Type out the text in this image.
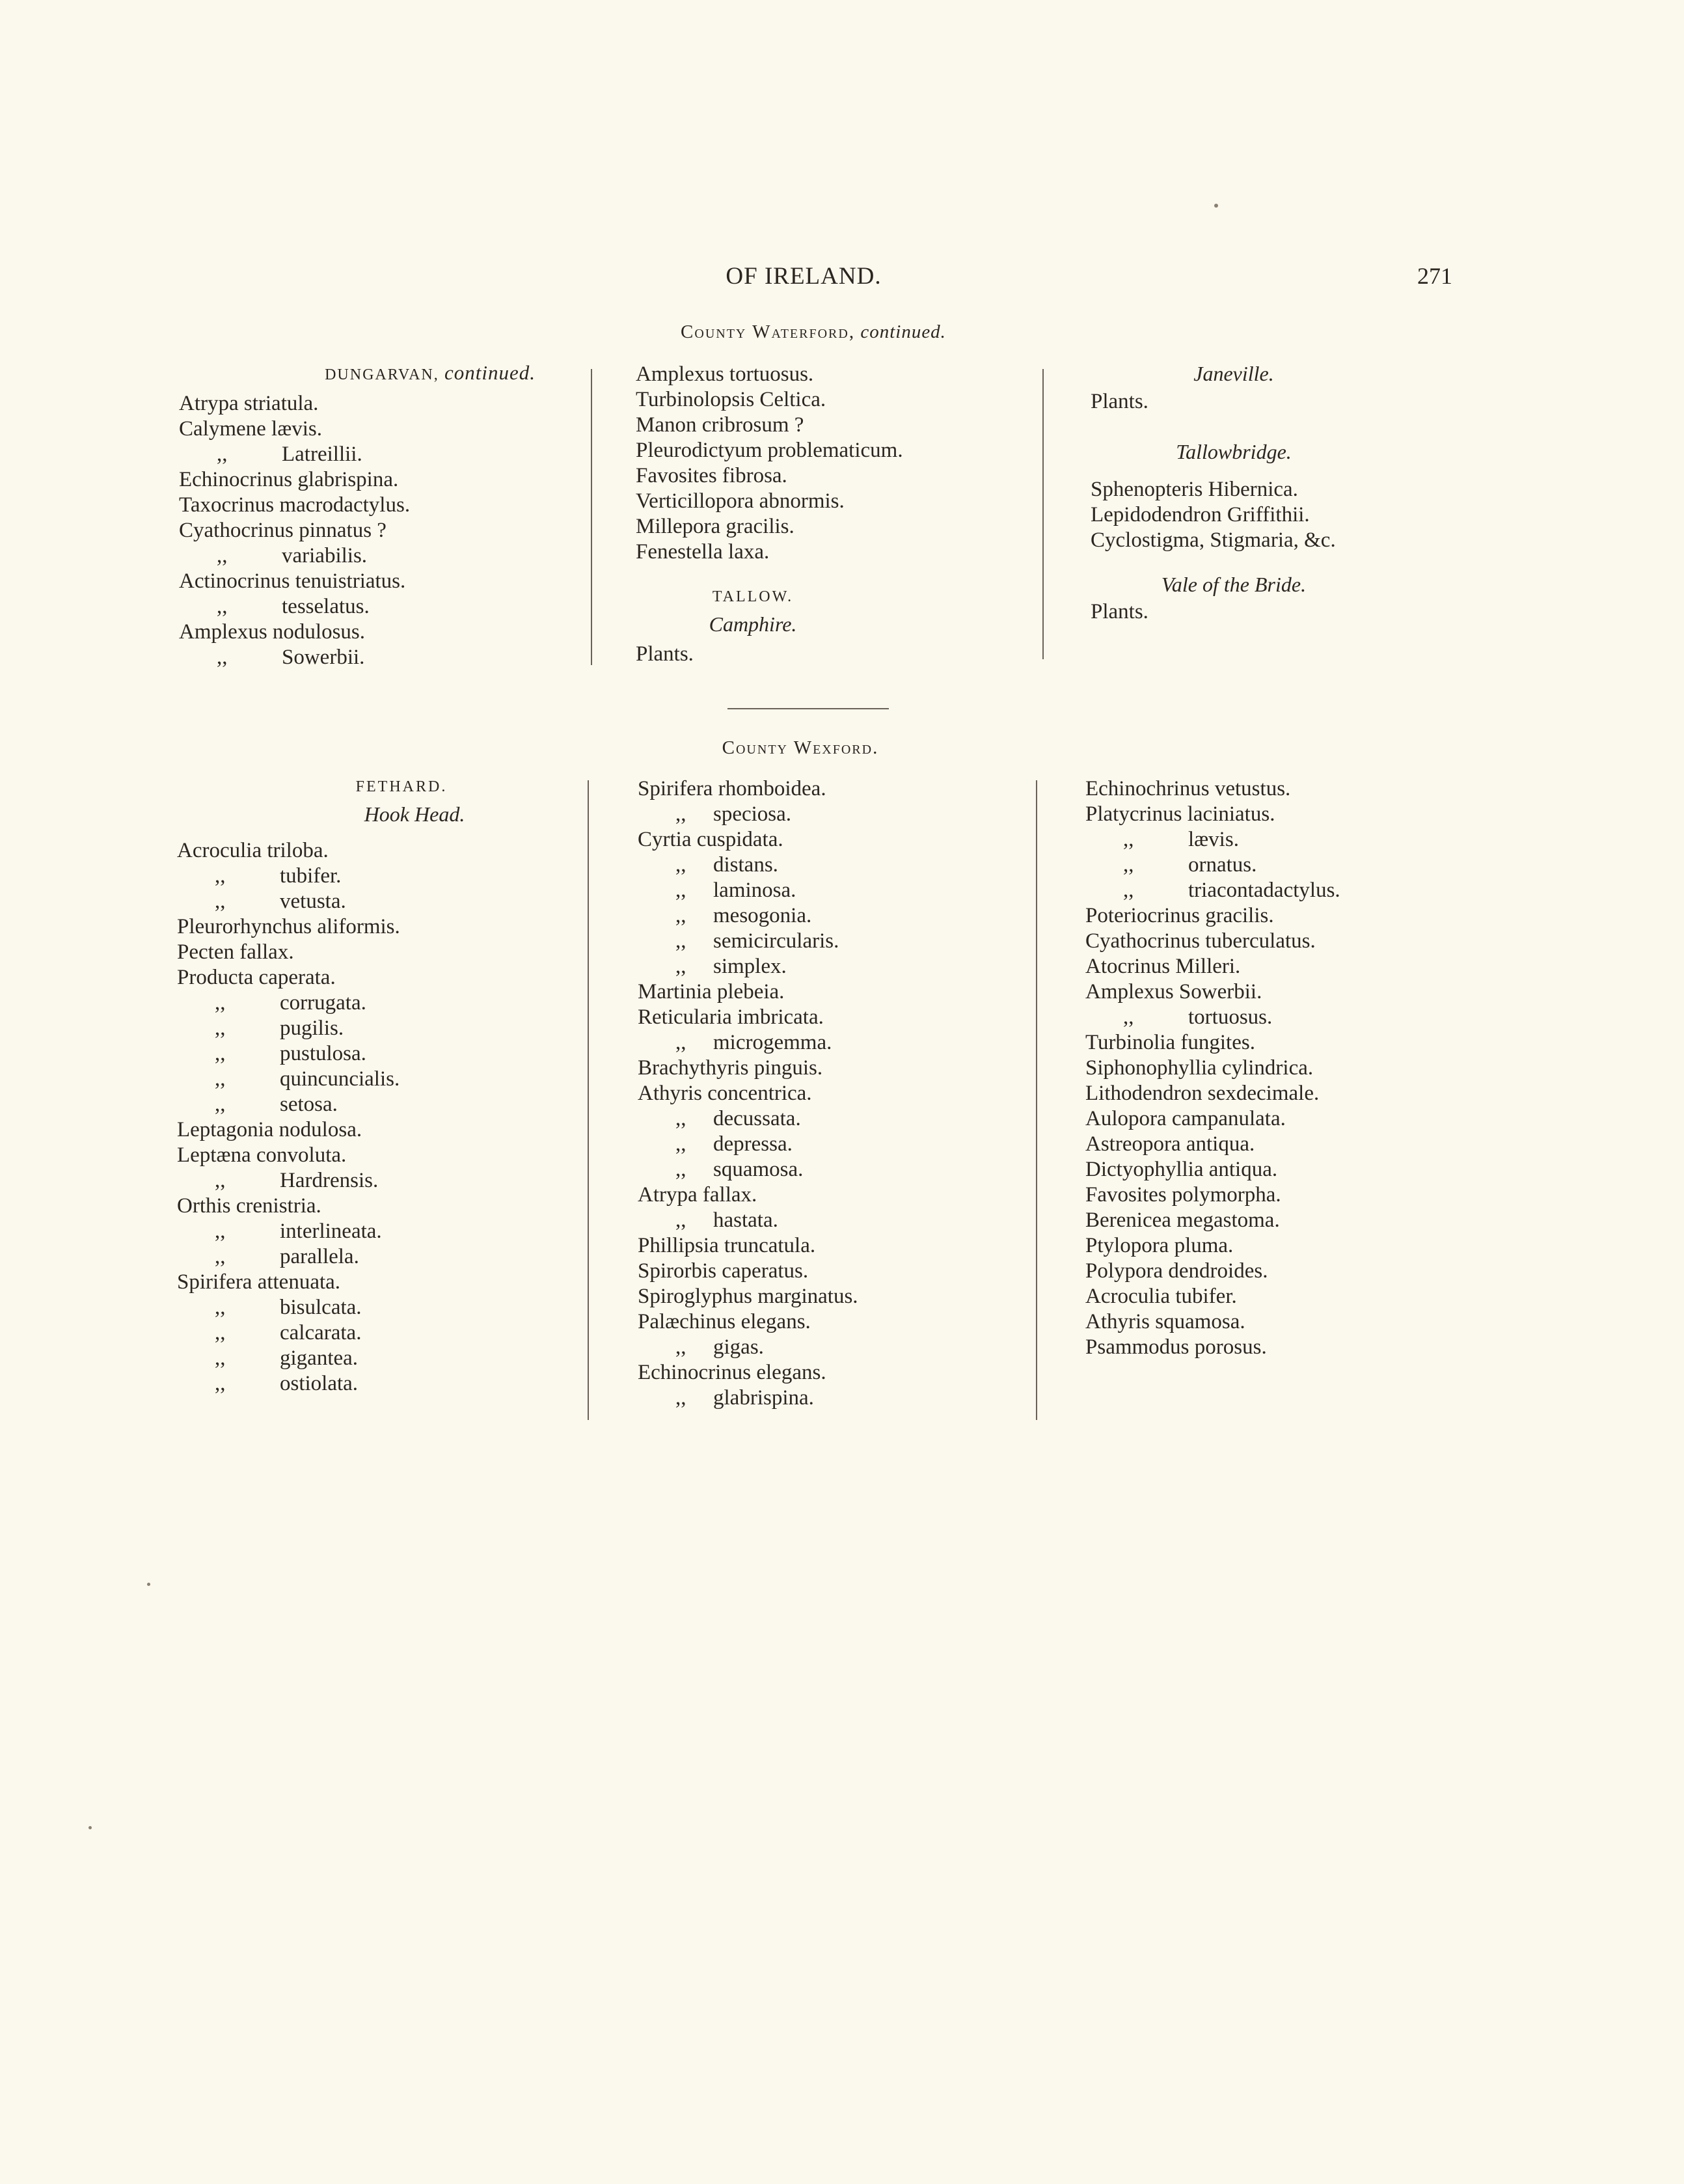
OF IRELAND.	271
County Waterford, continued.
DUNGARVAN, continued.
Atrypa striatula.
Calymene lævis.
,,	Latreillii.
Echinocrinus glabrispina.
Taxocrinus macrodactylus.
Cyathocrinus pinnatus ?
,,	variabilis.
Actinocrinus tenuistriatus.
,,	tesselatus.
Amplexus nodulosus.
,,	Sowerbii.
Amplexus tortuosus.
Turbinolopsis Celtica.
Manon cribrosum ?
Pleurodictyum problematicum.
Favosites fibrosa.
Verticillopora abnormis.
Millepora gracilis.
Fenestella laxa.
TALLOW.
Camphire.
Plants.
Janeville.
Plants.
Tallowbridge.
Sphenopteris Hibernica.
Lepidodendron Griffithii.
Cyclostigma, Stigmaria, &c.
Vale of the Bride.
Plants.
County Wexford.
FETHARD.
Hook Head.
Acroculia triloba.
,,	tubifer.
,,	vetusta.
Pleurorhynchus aliformis.
Pecten fallax.
Producta caperata.
,,	corrugata.
,,	pugilis.
,,	pustulosa.
,,	quincuncialis.
,,	setosa.
Leptagonia nodulosa.
Leptæna convoluta.
,,	Hardrensis.
Orthis crenistria.
,,	interlineata.
,,	parallela.
Spirifera attenuata.
,,	bisulcata.
,,	calcarata.
,,	gigantea.
,,	ostiolata.
Spirifera rhomboidea.
,, speciosa.
Cyrtia cuspidata.
,, distans.
,, laminosa.
,, mesogonia.
,, semicircularis.
,, simplex.
Martinia plebeia.
Reticularia imbricata.
,, microgemma.
Brachythyris pinguis.
Athyris concentrica.
,, decussata.
,, depressa.
,, squamosa.
Atrypa fallax.
,, hastata.
Phillipsia truncatula.
Spirorbis caperatus.
Spiroglyphus marginatus.
Palæchinus elegans.
,, gigas.
Echinocrinus elegans.
,, glabrispina.
Echinochrinus vetustus.
Platycrinus laciniatus.
,,	lævis.
,,	ornatus.
,,	triacontadactylus.
Poteriocrinus gracilis.
Cyathocrinus tuberculatus.
Atocrinus Milleri.
Amplexus Sowerbii.
,,	tortuosus.
Turbinolia fungites.
Siphonophyllia cylindrica.
Lithodendron sexdecimale.
Aulopora campanulata.
Astreopora antiqua.
Dictyophyllia antiqua.
Favosites polymorpha.
Berenicea megastoma.
Ptylopora pluma.
Polypora dendroides.
Acroculia tubifer.
Athyris squamosa.
Psammodus porosus.
